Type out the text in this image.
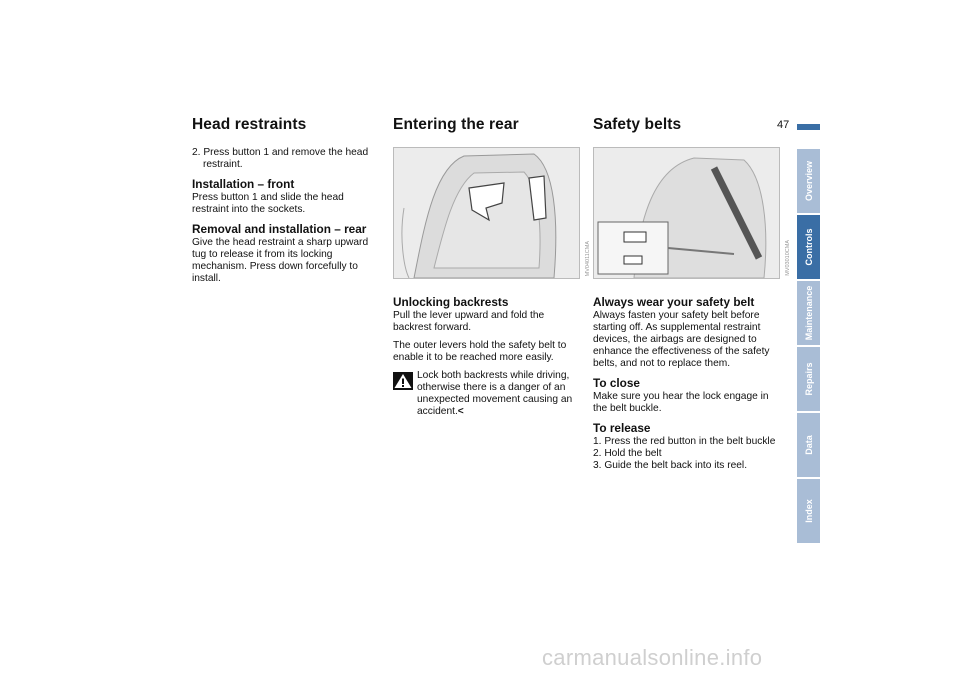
Head restraints

2. Press button 1 and remove the head restraint.

Installation – front

Press button 1 and slide the head restraint into the sockets.

Removal and installation – rear

Give the head restraint a sharp upward tug to release it from its locking mechanism. Press down forcefully to install.

Entering the rear
MV04011CMA
Unlocking backrests

Pull the lever upward and fold the backrest forward.

The outer levers hold the safety belt to enable it to be reached more easily.

Lock both backrests while driving, otherwise there is a danger of an unexpected movement causing an accident.<

Safety belts
MV03010CMA
Always wear your safety belt

Always fasten your safety belt before starting off. As supplemental restraint devices, the airbags are designed to enhance the effectiveness of the safety belts, and not to replace them.

To close

Make sure you hear the lock engage in the belt buckle.

To release

1. Press the red button in the belt buckle

2. Hold the belt

3. Guide the belt back into its reel.

47
Overview
Controls
Maintenance
Repairs
Data
Index
carmanualsonline.info
